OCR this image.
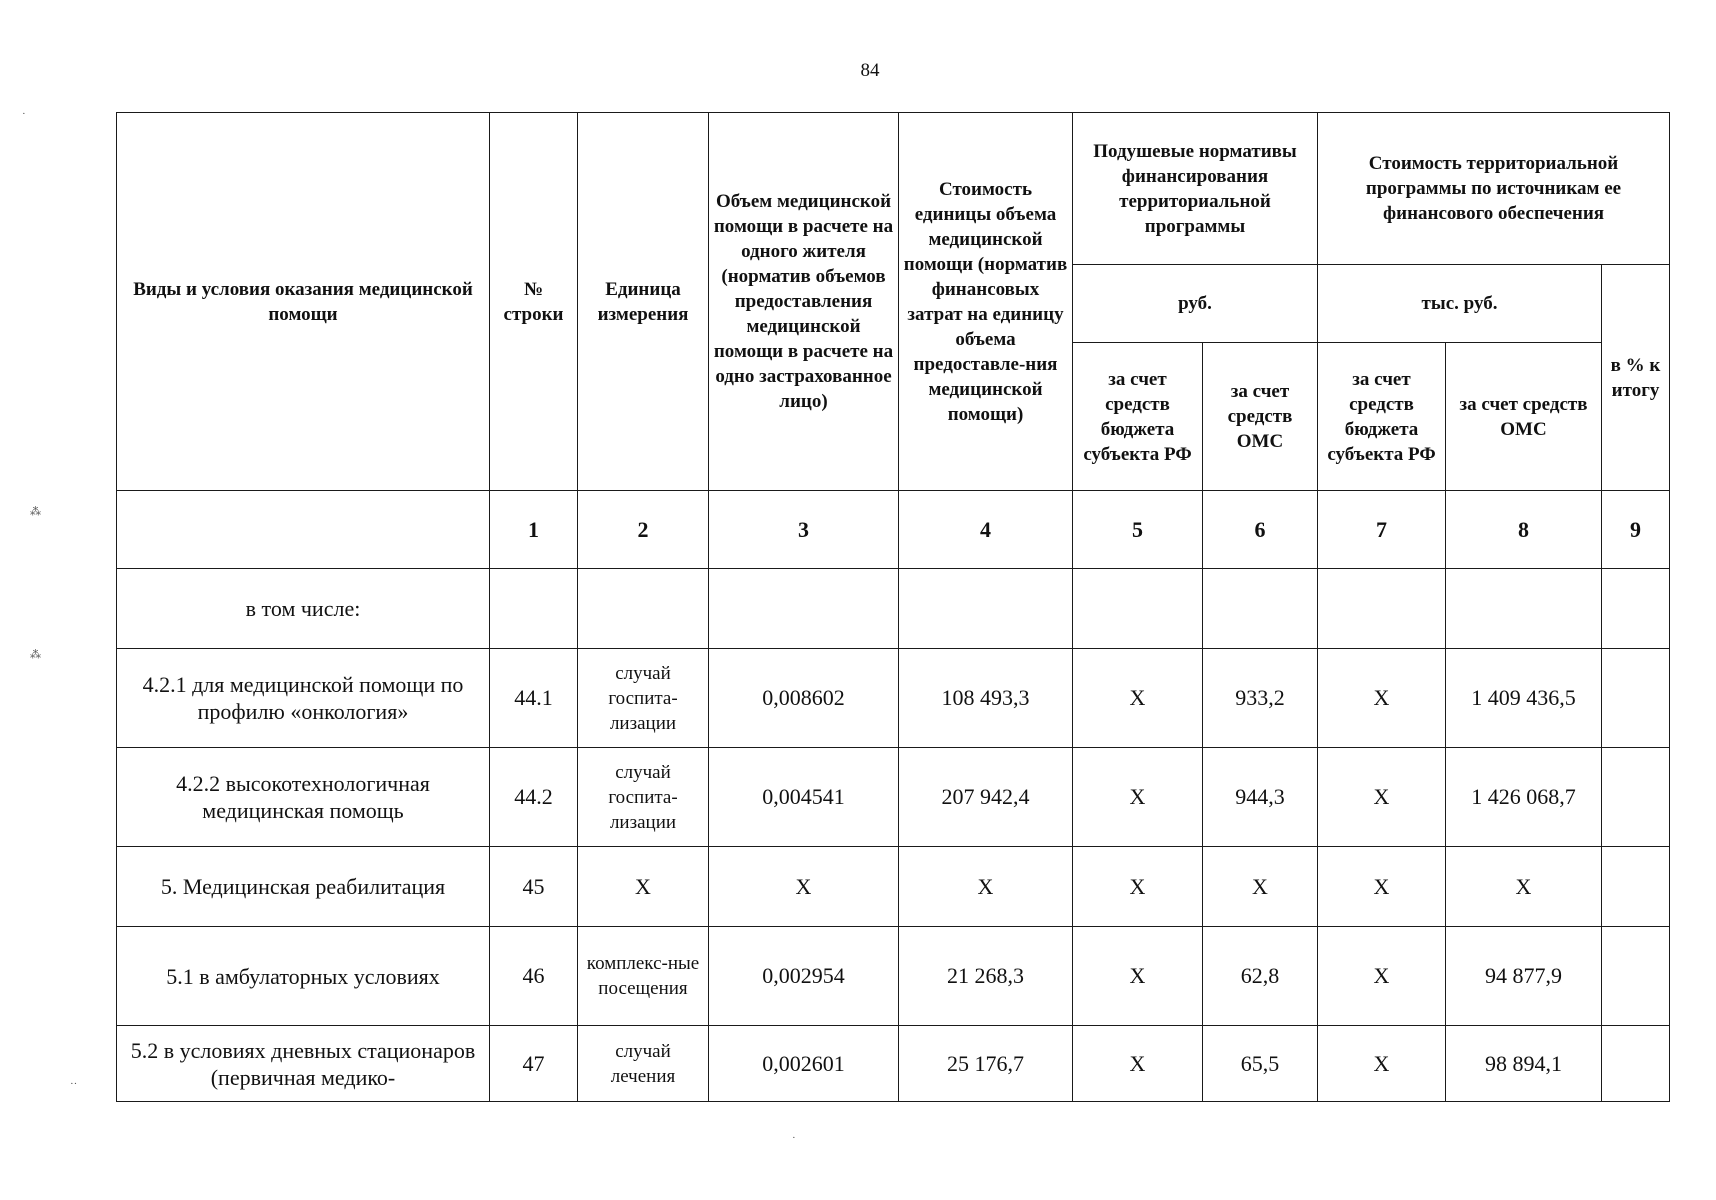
84
Виды и условия оказания медицинской помощи	№ строки	Единица измерения	Объем медицинской помощи в расчете на одного жителя (норматив объемов предоставления медицинской помощи в расчете на одно застрахованное лицо)	Стоимость единицы объема медицинской помощи (норматив финансовых затрат на единицу объема предоставле-ния медицинской помощи)	Подушевые нормативы финансирования территориальной программы		Стоимость территориальной программы по источникам ее финансового обеспечения		
					руб.		тыс. руб.		в % к итогу
					за счет средств бюджета субъекта РФ	за счет средств ОМС	за счет средств бюджета субъекта РФ	за счет средств ОМС	
	1	2	3	4	5	6	7	8	9
в том числе:									
4.2.1 для медицинской помощи по профилю «онкология»	44.1	случай госпита-лизации	0,008602	108 493,3	X	933,2	X	1 409 436,5	
4.2.2 высокотехнологичная медицинская помощь	44.2	случай госпита-лизации	0,004541	207 942,4	X	944,3	X	1 426 068,7	
5. Медицинская реабилитация	45	X	X	X	X	X	X	X	
5.1 в амбулаторных условиях	46	комплекс-ные посещения	0,002954	21 268,3	X	62,8	X	94 877,9	
5.2 в условиях дневных стационаров (первичная медико-	47	случай лечения	0,002601	25 176,7	X	65,5	X	98 894,1	
·
⁂
⁂
··
·
